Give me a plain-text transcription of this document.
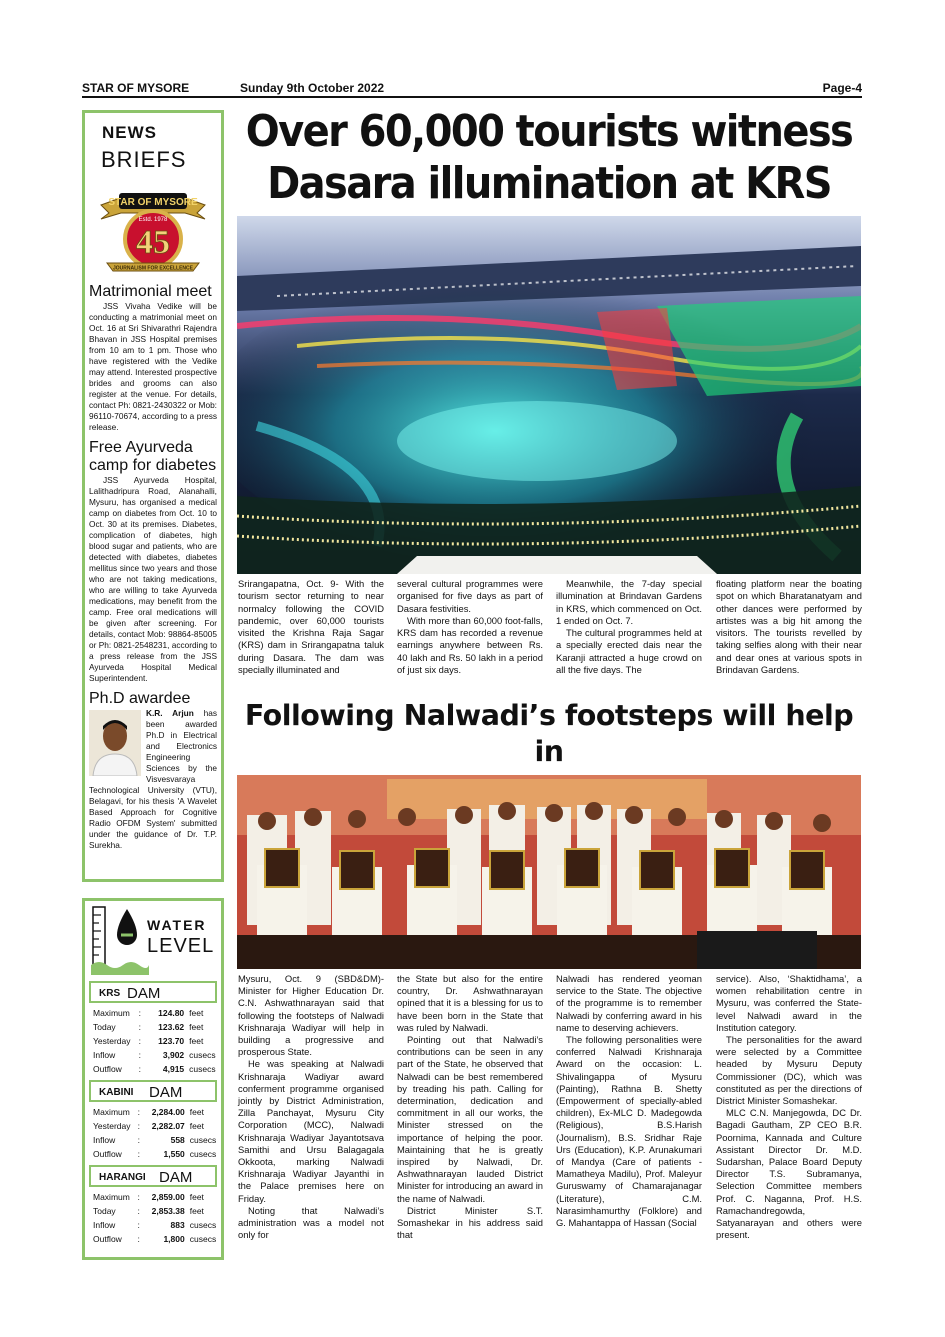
STAR OF MYSORE	Sunday 9th October 2022	Page-4
NEWS
BRIEFS
STAR OF MYSORE
Estd. 1978
45
JOURNALISM FOR EXCELLENCE
Matrimonial meet

JSS Vivaha Vedike will be conducting a matrimonial meet on Oct. 16 at Sri Shivarathri Rajendra Bhavan in JSS Hospital premises from 10 am to 1 pm. Those who have registered with the Vedike may attend. Interested prospective brides and grooms can also register at the venue. For details, contact Ph: 0821-2430322 or Mob: 96110-70674, according to a press release.

Free Ayurveda camp for diabetes

JSS Ayurveda Hospital, Lalithadripura Road, Alanahalli, Mysuru, has organised a medical camp on diabetes from Oct. 10 to Oct. 30 at its premises. Diabetes, complication of diabetes, high blood sugar and patients, who are detected with diabetes, diabetes mellitus since two years and those who are not taking medications, who are willing to take Ayurveda medications, may benefit from the camp. Free oral medications will be given after screening. For details, contact Mob: 98864-85005 or Ph: 0821-2548231, according to a press release from the JSS Ayurveda Hospital Medical Superintendent.

Ph.D awardee

K.R. Arjun has been awarded Ph.D in Electrical and Electronics Engineering Sciences by the Visvesvaraya Technological University (VTU), Belagavi, for his thesis 'A Wavelet Based Approach for Cognitive Radio OFDM System' submitted under the guidance of Dr. T.P. Surekha.

WATER
LEVEL
KRS DAM
Maximum	:	124.80	feet
Today	:	123.62	feet
Yesterday	:	123.70	feet
Inflow	:	3,902	cusecs
Outflow	:	4,915	cusecs
KABINI DAM
Maximum	:	2,284.00	feet
Yesterday	:	2,282.07	feet
Inflow	:	558	cusecs
Outflow	:	1,550	cusecs
HARANGI DAM
Maximum	:	2,859.00	feet
Today	:	2,853.38	feet
Inflow	:	883	cusecs
Outflow	:	1,800	cusecs
Over 60,000 tourists witness
Dasara illumination at KRS

Srirangapatna, Oct. 9- With the tourism sector returning to near normalcy following the COVID pandemic, over 60,000 tourists visited the Krishna Raja Sagar (KRS) dam in Srirangapatna taluk during Dasara. The dam was specially illuminated and

several cultural programmes were organised for five days as part of Dasara festivities.

With more than 60,000 foot-falls, KRS dam has recorded a revenue earnings anywhere between Rs. 40 lakh and Rs. 50 lakh in a period of just six days.

Meanwhile, the 7-day special illumination at Brindavan Gardens in KRS, which commenced on Oct. 1 ended on Oct. 7.

The cultural programmes held at a specially erected dais near the Karanji attracted a huge crowd on all the five days. The

floating platform near the boating spot on which Bharatanatyam and other dances were performed by artistes was a big hit among the visitors. The tourists revelled by taking selfies along with their near and dear ones at various spots in Brindavan Gardens.

Following Nalwadi’s footsteps will help in

Mysuru, Oct. 9 (SBD&DM)- Minister for Higher Education Dr. C.N. Ashwathnarayan said that following the footsteps of Nalwadi Krishnaraja Wadiyar will help in building a progressive and prosperous State.

He was speaking at Nalwadi Krishnaraja Wadiyar award conferment programme organised jointly by District Administration, Zilla Panchayat, Mysuru City Corporation (MCC), Nalwadi Krishnaraja Wadiyar Jayantotsava Samithi and Ursu Balagagala Okkoota, marking Nalwadi Krishnaraja Wadiyar Jayanthi in the Palace premises here on Friday.

Noting that Nalwadi’s administration was a model not only for

the State but also for the entire country, Dr. Ashwathnarayan opined that it is a blessing for us to have been born in the State that was ruled by Nalwadi.

Pointing out that Nalwadi’s contributions can be seen in any part of the State, he observed that Nalwadi can be best remembered by treading his path. Calling for determination, dedication and commitment in all our works, the Minister stressed on the importance of helping the poor. Maintaining that he is greatly inspired by Nalwadi, Dr. Ashwathnarayan lauded District Minister for introducing an award in the name of Nalwadi.

District Minister S.T. Somashekar in his address said that

Nalwadi has rendered yeoman service to the State. The objective of the programme is to remember Nalwadi by conferring award in his name to deserving achievers.

The following personalities were conferred Nalwadi Krishnaraja Award on the occasion: L. Shivalingappa of Mysuru (Painting), Rathna B. Shetty (Empowerment of specially-abled children), Ex-MLC D. Madegowda (Religious), B.S.Harish (Journalism), B.S. Sridhar Raje Urs (Education), K.P. Arunakumari of Mandya (Care of patients - Mamatheya Madilu), Prof. Maleyur Guruswamy of Chamarajanagar (Literature), C.M. Narasimhamurthy (Folklore) and G. Mahantappa of Hassan (Social

service). Also, ‘Shaktidhama’, a women rehabilitation centre in Mysuru, was conferred the State-level Nalwadi award in the Institution category.

The personalities for the award were selected by a Committee headed by Mysuru Deputy Commissioner (DC), which was constituted as per the directions of District Minister Somashekar.

MLC C.N. Manjegowda, DC Dr. Bagadi Gautham, ZP CEO B.R. Poornima, Kannada and Culture Assistant Director Dr. M.D. Sudarshan, Palace Board Deputy Director T.S. Subramanya, Selection Committee members Prof. C. Naganna, Prof. H.S. Ramachandregowda, Satyanarayan and others were present.
